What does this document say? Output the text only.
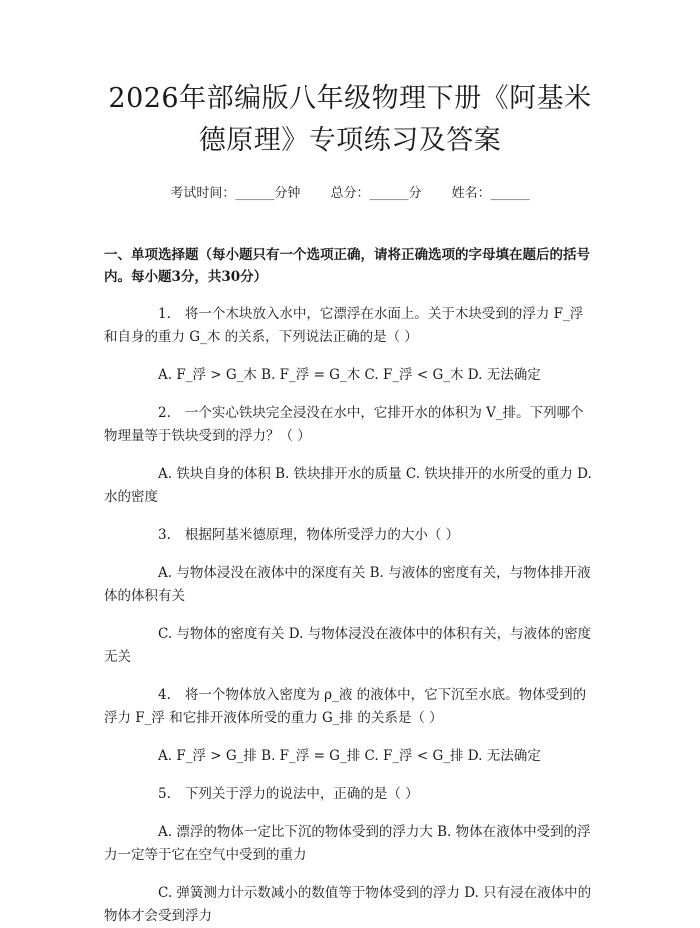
2026年部编版八年级物理下册《阿基米德原理》专项练习及答案
考试时间：______分钟 总分：______分 姓名：______
一、单项选择题（每小题只有一个选项正确，请将正确选项的字母填在题后的括号内。每小题3分，共30分）

1. 将一个木块放入水中，它漂浮在水面上。关于木块受到的浮力 F_浮 和自身的重力 G_木 的关系，下列说法正确的是（ ）

A. F_浮 > G_木 B. F_浮 = G_木 C. F_浮 < G_木 D. 无法确定

2. 一个实心铁块完全浸没在水中，它排开水的体积为 V_排。下列哪个物理量等于铁块受到的浮力？（ ）

A. 铁块自身的体积 B. 铁块排开水的质量 C. 铁块排开的水所受的重力 D. 水的密度

3. 根据阿基米德原理，物体所受浮力的大小（ ）

A. 与物体浸没在液体中的深度有关 B. 与液体的密度有关，与物体排开液体的体积有关

C. 与物体的密度有关 D. 与物体浸没在液体中的体积有关，与液体的密度无关

4. 将一个物体放入密度为 ρ_液 的液体中，它下沉至水底。物体受到的浮力 F_浮 和它排开液体所受的重力 G_排 的关系是（ ）

A. F_浮 > G_排 B. F_浮 = G_排 C. F_浮 < G_排 D. 无法确定

5. 下列关于浮力的说法中，正确的是（ ）

A. 漂浮的物体一定比下沉的物体受到的浮力大 B. 物体在液体中受到的浮力一定等于它在空气中受到的重力

C. 弹簧测力计示数减小的数值等于物体受到的浮力 D. 只有浸在液体中的物体才会受到浮力
